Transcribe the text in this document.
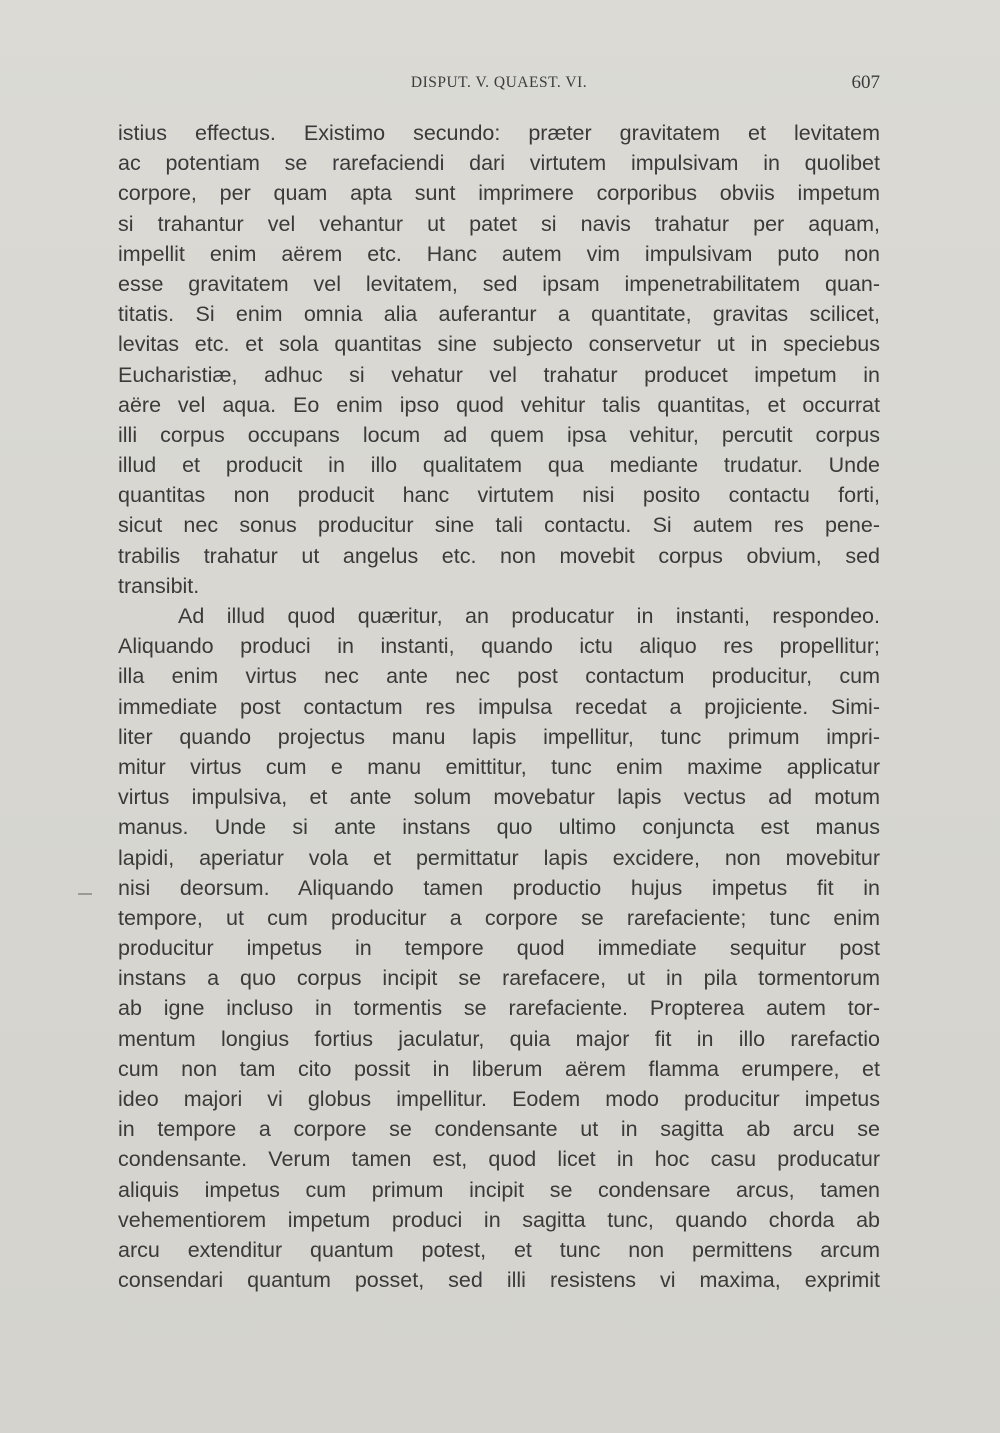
DISPUT. V. QUAEST. VI.	607
istius effectus. Existimo secundo: præter gravitatem et levitatem
ac potentiam se rarefaciendi dari virtutem impulsivam in quolibet
corpore, per quam apta sunt imprimere corporibus obviis impetum
si trahantur vel vehantur ut patet si navis trahatur per aquam,
impellit enim aërem etc. Hanc autem vim impulsivam puto non
esse gravitatem vel levitatem, sed ipsam impenetrabilitatem quan-
titatis. Si enim omnia alia auferantur a quantitate, gravitas scilicet,
levitas etc. et sola quantitas sine subjecto conservetur ut in speciebus
Eucharistiæ, adhuc si vehatur vel trahatur producet impetum in
aëre vel aqua. Eo enim ipso quod vehitur talis quantitas, et occurrat
illi corpus occupans locum ad quem ipsa vehitur, percutit corpus
illud et producit in illo qualitatem qua mediante trudatur. Unde
quantitas non producit hanc virtutem nisi posito contactu forti,
sicut nec sonus producitur sine tali contactu. Si autem res pene-
trabilis trahatur ut angelus etc. non movebit corpus obvium, sed
transibit.
Ad illud quod quæritur, an producatur in instanti, respondeo.
Aliquando produci in instanti, quando ictu aliquo res propellitur;
illa enim virtus nec ante nec post contactum producitur, cum
immediate post contactum res impulsa recedat a projiciente. Simi-
liter quando projectus manu lapis impellitur, tunc primum impri-
mitur virtus cum e manu emittitur, tunc enim maxime applicatur
virtus impulsiva, et ante solum movebatur lapis vectus ad motum
manus. Unde si ante instans quo ultimo conjuncta est manus
lapidi, aperiatur vola et permittatur lapis excidere, non movebitur
nisi deorsum. Aliquando tamen productio hujus impetus fit in
tempore, ut cum producitur a corpore se rarefaciente; tunc enim
producitur impetus in tempore quod immediate sequitur post
instans a quo corpus incipit se rarefacere, ut in pila tormentorum
ab igne incluso in tormentis se rarefaciente. Propterea autem tor-
mentum longius fortius jaculatur, quia major fit in illo rarefactio
cum non tam cito possit in liberum aërem flamma erumpere, et
ideo majori vi globus impellitur. Eodem modo producitur impetus
in tempore a corpore se condensante ut in sagitta ab arcu se
condensante. Verum tamen est, quod licet in hoc casu producatur
aliquis impetus cum primum incipit se condensare arcus, tamen
vehementiorem impetum produci in sagitta tunc, quando chorda ab
arcu extenditur quantum potest, et tunc non permittens arcum
consendari quantum posset, sed illi resistens vi maxima, exprimit
